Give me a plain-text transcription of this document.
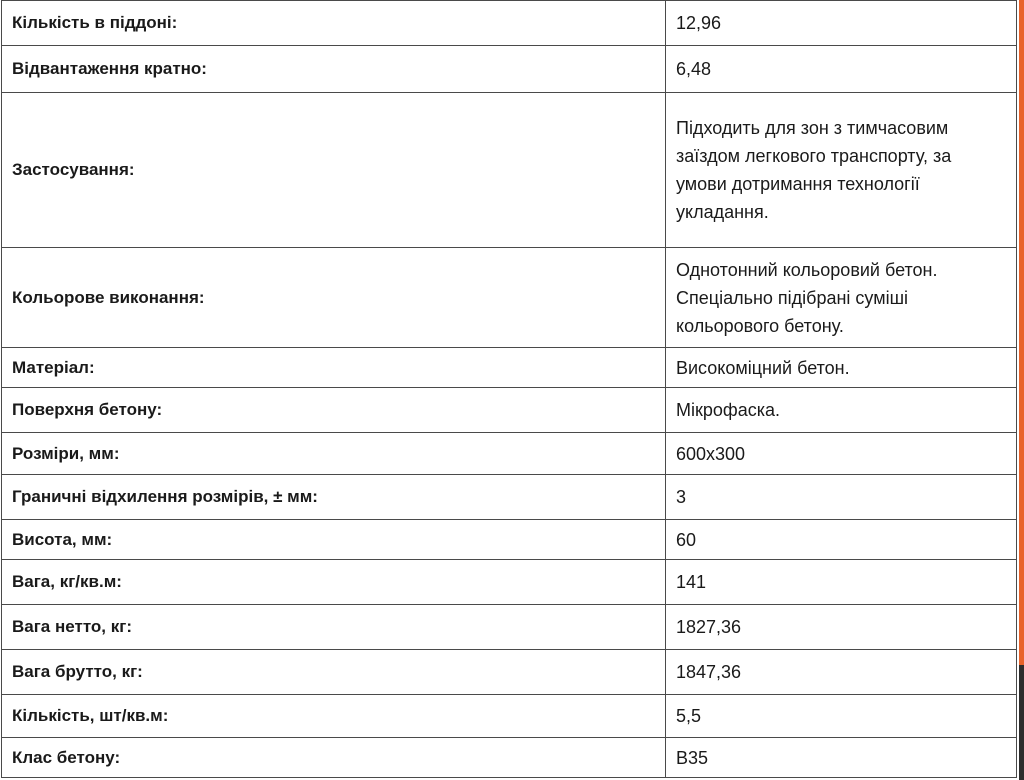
Кількість в піддоні:	12,96
Відвантаження кратно:	6,48
Застосування:	Підходить для зон з тимчасовим заїздом легкового транспорту, за умови дотримання технології укладання.
Кольорове виконання:	Однотонний кольоровий бетон. Спеціально підібрані суміші кольорового бетону.
Матеріал:	Високоміцний бетон.
Поверхня бетону:	Мікрофаска.
Розміри, мм:	600x300
Граничні відхилення розмірів, ± мм:	3
Висота, мм:	60
Вага, кг/кв.м:	141
Вага нетто, кг:	1827,36
Вага брутто, кг:	1847,36
Кількість, шт/кв.м:	5,5
Клас бетону:	B35
